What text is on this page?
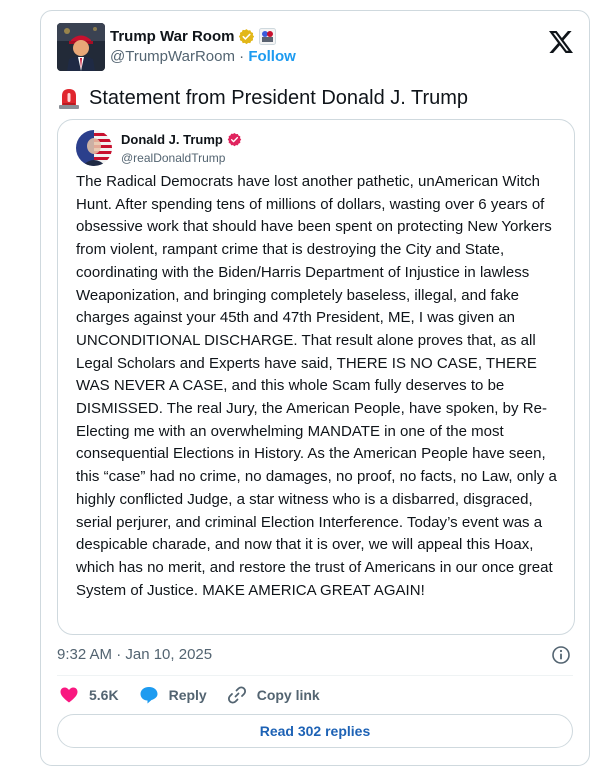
Trump War Room
@TrumpWarRoom · Follow
Statement from President Donald J. Trump
Donald J. Trump
@realDonaldTrump
The Radical Democrats have lost another pathetic, unAmerican Witch Hunt. After spending tens of millions of dollars, wasting over 6 years of obsessive work that should have been spent on protecting New Yorkers from violent, rampant crime that is destroying the City and State, coordinating with the Biden/Harris Department of Injustice in lawless Weaponization, and bringing completely baseless, illegal, and fake charges against your 45th and 47th President, ME, I was given an UNCONDITIONAL DISCHARGE. That result alone proves that, as all Legal Scholars and Experts have said, THERE IS NO CASE, THERE WAS NEVER A CASE, and this whole Scam fully deserves to be DISMISSED. The real Jury, the American People, have spoken, by Re-Electing me with an overwhelming MANDATE in one of the most consequential Elections in History. As the American People have seen, this “case” had no crime, no damages, no proof, no facts, no Law, only a highly conflicted Judge, a star witness who is a disbarred, disgraced, serial perjurer, and criminal Election Interference. Today’s event was a despicable charade, and now that it is over, we will appeal this Hoax, which has no merit, and restore the trust of Americans in our once great System of Justice. MAKE AMERICA GREAT AGAIN!
9:32 AM · Jan 10, 2025
5.6K	Reply	Copy link
Read 302 replies
